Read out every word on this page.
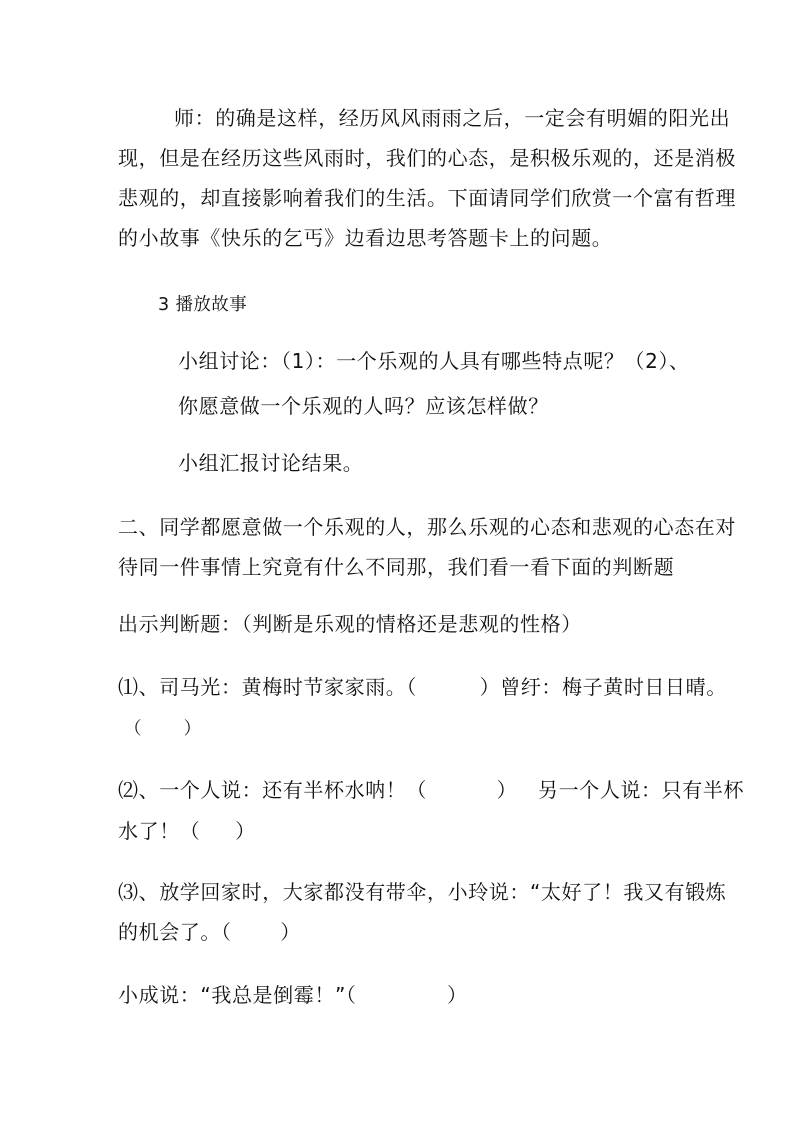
师：的确是这样，经历风风雨雨之后，一定会有明媚的阳光出
现，但是在经历这些风雨时，我们的心态，是积极乐观的，还是消极
悲观的，却直接影响着我们的生活。下面请同学们欣赏一个富有哲理
的小故事《快乐的乞丐》边看边思考答题卡上的问题。
3 播放故事
小组讨论：（1）：一个乐观的人具有哪些特点呢？（2）、
你愿意做一个乐观的人吗？应该怎样做？
小组汇报讨论结果。
二、同学都愿意做一个乐观的人，那么乐观的心态和悲观的心态在对
待同一件事情上究竟有什么不同那，我们看一看下面的判断题
出示判断题：（判断是乐观的情格还是悲观的性格）
⑴、司马光：黄梅时节家家雨。（         ）曾纡：梅子黄时日日晴。
（       ）
⑵、一个人说：还有半杯水呐！（          ）   另一个人说：只有半杯
水了！（     ）
⑶、放学回家时，大家都没有带伞，小玲说：“太好了！我又有锻炼
的机会了。（       ）
小成说：“我总是倒霉！”（             ）
